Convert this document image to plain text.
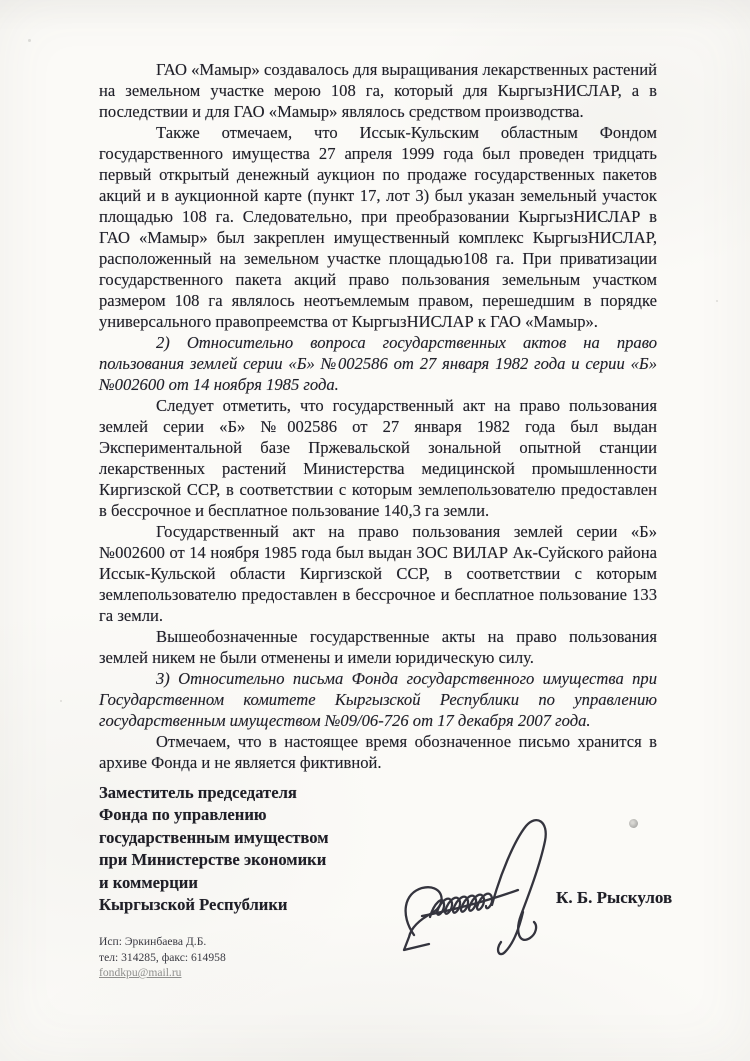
ГАО «Мамыр» создавалось для выращивания лекарственных растений на земельном участке мерою 108 га, который для КыргызНИСЛАР, а в последствии и для ГАО «Мамыр» являлось средством производства.

Также отмечаем, что Иссык-Кульским областным Фондом государственного имущества 27 апреля 1999 года был проведен тридцать первый открытый денежный аукцион по продаже государственных пакетов акций и в аукционной карте (пункт 17, лот 3) был указан земельный участок площадью 108 га. Следовательно, при преобразовании КыргызНИСЛАР в ГАО «Мамыр» был закреплен имущественный комплекс КыргызНИСЛАР, расположенный на земельном участке площадью108 га. При приватизации государственного пакета акций право пользования земельным участком размером 108 га являлось неотъемлемым правом, перешедшим в порядке универсального правопреемства от КыргызНИСЛАР к ГАО «Мамыр».

2) Относительно вопроса государственных актов на право пользования землей серии «Б» №002586 от 27 января 1982 года и серии «Б» №002600 от 14 ноября 1985 года.

Следует отметить, что государственный акт на право пользования землей серии «Б» №002586 от 27 января 1982 года был выдан Экспериментальной базе Пржевальской зональной опытной станции лекарственных растений Министерства медицинской промышленности Киргизской ССР, в соответствии с которым землепользователю предоставлен в бессрочное и бесплатное пользование 140,3 га земли.

Государственный акт на право пользования землей серии «Б» №002600 от 14 ноября 1985 года был выдан ЗОС ВИЛАР Ак-Суйского района Иссык-Кульской области Киргизской ССР, в соответствии с которым землепользователю предоставлен в бессрочное и бесплатное пользование 133 га земли.

Вышеобозначенные государственные акты на право пользования землей никем не были отменены и имели юридическую силу.

3) Относительно письма Фонда государственного имущества при Государственном комитете Кыргызской Республики по управлению государственным имуществом №09/06-726 от 17 декабря 2007 года.

Отмечаем, что в настоящее время обозначенное письмо хранится в архиве Фонда и не является фиктивной.

Заместитель председателя
Фонда по управлению
государственным имуществом
при Министерстве экономики
и коммерции
Кыргызской Республики	К. Б. Рыскулов
Исп: Эркинбаева Д.Б.
тел: 314285, факс: 614958
fondkpu@mail.ru
